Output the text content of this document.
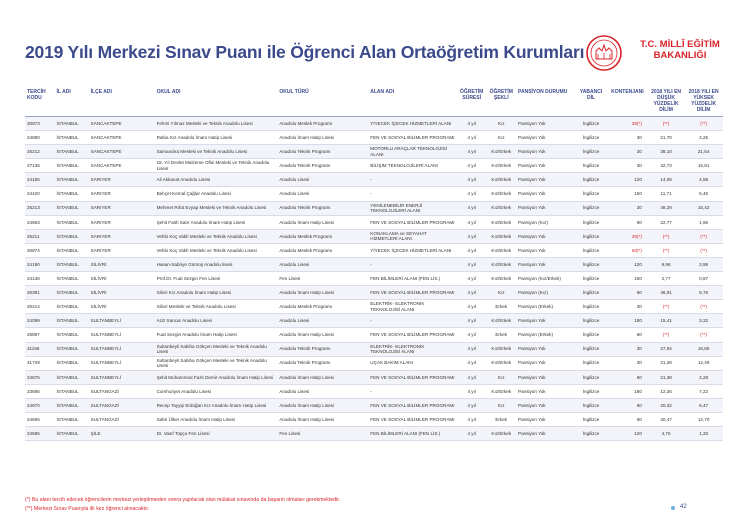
2019 Yılı Merkezi Sınav Puanı ile Öğrenci Alan Ortaöğretim Kurumları	T.C. MİLLÎ EĞİTİM
BAKANLIĞI
TERCİH KODU	İL ADI	İLÇE ADI	OKUL ADI	OKUL TÜRÜ	ALAN ADI	ÖĞRETİM SÜRESİ	ÖĞRETİM ŞEKLİ	PANSİYON DURUMU	YABANCI DİL	KONTENJANI	2018 YILI EN DÜŞÜK YÜZDELİK DİLİM	2018 YILI EN YÜKSEK YÜZDELİK DİLİM
30873	İSTANBUL	SANCAKTEPE	Fehmi Yılmaz Mesleki ve Teknik Anadolu Lisesi	Anadolu Meslek Programı	YİYECEK İÇECEK HİZMETLERİ ALANI	4 yıl	Kız	Pansiyon Yok	İngilizce	30(*)	(**)	(**)
24880	İSTANBUL	SANCAKTEPE	Rabia Kız Anadolu İmam Hatip Lisesi	Anadolu İmam Hatip Lisesi	FEN VE SOSYAL BİLİMLER PROGRAMI	4 yıl	Kız	Pansiyon Yok	İngilizce	30	21,70	2,25
25212	İSTANBUL	SANCAKTEPE	Samandıra Mesleki ve Teknik Anadolu Lisesi	Anadolu Teknik Programı	MOTORLU ARAÇLAR TEKNOLOJİSİ ALANI	4 yıl	Kız/Erkek	Pansiyon Yok	İngilizce	30	38,10	21,54
27135	İSTANBUL	SANCAKTEPE	15. Yıl Devlet Malzeme Ofisi Mesleki ve Teknik Anadolu Lisesi	Anadolu Teknik Programı	BİLİŞİM TEKNOLOJİLERİ ALANI	4 yıl	Kız/Erkek	Pansiyon Yok	İngilizce	30	32,73	15,81
24185	İSTANBUL	SARIYER	Ali Akkanat Anadolu Lisesi	Anadolu Lisesi	-	4 yıl	Kız/Erkek	Pansiyon Yok	İngilizce	120	14,06	4,58
24420	İSTANBUL	SARIYER	Behçet Kemal Çağlar Anadolu Lisesi	Anadolu Lisesi	-	4 yıl	Kız/Erkek	Pansiyon Yok	İngilizce	150	11,71	5,46
25213	İSTANBUL	SARIYER	Mehmet Rıfat Evyap Mesleki ve Teknik Anadolu Lisesi	Anadolu Teknik Programı	YENİLENEBİLİR ENERJİ TEKNOLOJİLERİ ALANI	4 yıl	Kız/Erkek	Pansiyon Yok	İngilizce	30	48,29	15,42
24663	İSTANBUL	SARIYER	Şehit Fatih Satır Anadolu İmam Hatip Lisesi	Anadolu İmam Hatip Lisesi	FEN VE SOSYAL BİLİMLER PROGRAMI	4 yıl	Kız/Erkek	Pansiyon (Kız)	İngilizce	90	22,77	1,66
25211	İSTANBUL	SARIYER	Vehbi Koç Vakfı Mesleki ve Teknik Anadolu Lisesi	Anadolu Meslek Programı	KONAKLAMA ve SEYAHAT HİZMETLERİ ALANI	4 yıl	Kız/Erkek	Pansiyon Yok	İngilizce	30(*)	(**)	(**)
30874	İSTANBUL	SARIYER	Vehbi Koç Vakfı Mesleki ve Teknik Anadolu Lisesi	Anadolu Meslek Programı	YİYECEK İÇECEK HİZMETLERİ ALANI	4 yıl	Kız/Erkek	Pansiyon Yok	İngilizce	60(*)	(**)	(**)
24190	İSTANBUL	SİLİVRİ	Hasan-Sabriye Gümüş Anadolu lisesi	Anadolu Lisesi	-	4 yıl	Kız/Erkek	Pansiyon Yok	İngilizce	120	9,96	3,98
24138	İSTANBUL	SİLİVRİ	Prof.Dr. Fuat Sezgin Fen Lisesi	Fen Lisesi	FEN BİLİMLERİ ALANI (FEN LİS.)	4 yıl	Kız/Erkek	Pansiyon (Kız/Erkek)	İngilizce	150	2,77	0,87
26391	İSTANBUL	SİLİVRİ	Silivri Kız Anadolu İmam Hatip Lisesi	Anadolu İmam Hatip Lisesi	FEN VE SOSYAL BİLİMLER PROGRAMI	4 yıl	Kız	Pansiyon (Kız)	İngilizce	60	46,91	8,76
25214	İSTANBUL	SİLİVRİ	Silivri Mesleki ve Teknik Anadolu Lisesi	Anadolu Meslek Programı	ELEKTRİK- ELEKTRONİK TEKNOLOJİSİ ALANI	4 yıl	Erkek	Pansiyon (Erkek)	İngilizce	30	(**)	(**)
24099	İSTANBUL	SULTANBEYLİ	Aziz Sancar Anadolu Lisesi	Anadolu Lisesi	-	4 yıl	Kız/Erkek	Pansiyon Yok	İngilizce	180	15,41	3,32
25897	İSTANBUL	SULTANBEYLİ	Fuat Sezgin Anadolu İmam Hatip Lisesi	Anadolu İmam Hatip Lisesi	FEN VE SOSYAL BİLİMLER PROGRAMI	4 yıl	Erkek	Pansiyon (Erkek)	İngilizce	60	(**)	(**)
31156	İSTANBUL	SULTANBEYLİ	Sultanbeyli Sabiha Gökçen Mesleki ve Teknik Anadolu Lisesi	Anadolu Teknik Programı	ELEKTRİK- ELEKTRONİK TEKNOLOJİSİ ALANI	4 yıl	Kız/Erkek	Pansiyon Yok	İngilizce	30	27,84	16,85
31729	İSTANBUL	SULTANBEYLİ	Sultanbeyli Sabiha Gökçen Mesleki ve Teknik Anadolu Lisesi	Anadolu Teknik Programı	UÇAK BAKIM ALANI	4 yıl	Kız/Erkek	Pansiyon Yok	İngilizce	30	21,28	12,49
24675	İSTANBUL	SULTANBEYLİ	Şehit Muhammed Fazlı Demir Anadolu İmam Hatip Lisesi	Anadolu İmam Hatip Lisesi	FEN VE SOSYAL BİLİMLER PROGRAMI	4 yıl	Kız	Pansiyon Yok	İngilizce	60	21,38	2,28
23686	İSTANBUL	SULTANGAZİ	Cumhuriyet Anadolu Lisesi	Anadolu Lisesi	-	4 yıl	Kız/Erkek	Pansiyon Yok	İngilizce	180	12,26	7,22
24670	İSTANBUL	SULTANGAZİ	Recep Tayyip Erdoğan Kız Anadolu İmam Hatip Lisesi	Anadolu İmam Hatip Lisesi	FEN VE SOSYAL BİLİMLER PROGRAMI	4 yıl	Kız	Pansiyon Yok	İngilizce	60	20,32	6,47
24665	İSTANBUL	SULTANGAZİ	Sabri Ülker Anadolu İmam Hatip Lisesi	Anadolu İmam Hatip Lisesi	FEN VE SOSYAL BİLİMLER PROGRAMI	4 yıl	Erkek	Pansiyon Yok	İngilizce	60	30,47	12,70
24685	İSTANBUL	ŞİLE	Dr. Vasıf Topçu Fen Lisesi	Fen Lisesi	FEN BİLİMLERİ ALANI (FEN LİS.)	4 yıl	Kız/Erkek	Pansiyon Yok	İngilizce	120	4,75	1,33
(*) Bu alanı tercih edecek öğrencilerin merkezi yerleştirmeden sonra yapılacak olan mülakat sınavında da başarılı olmaları gerekmektedir.
(**) Merkezi Sınav Puanıyla ilk kez öğrenci alınacaktır.	42
